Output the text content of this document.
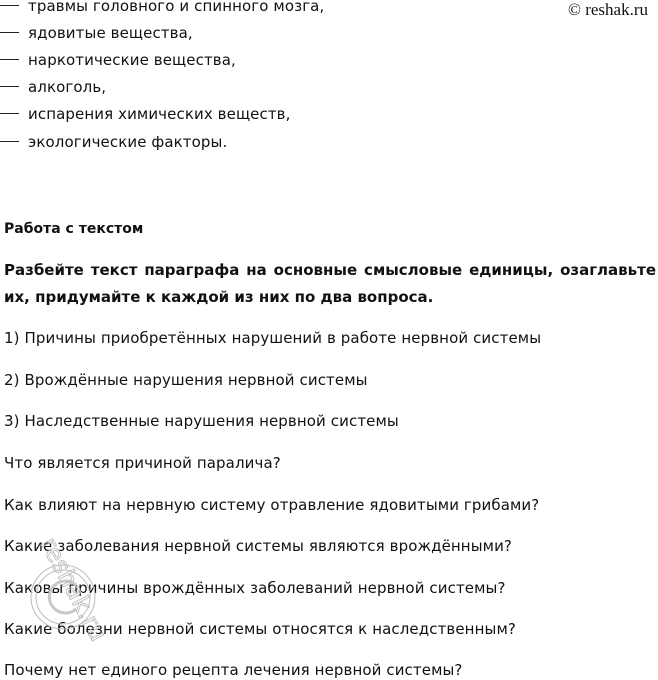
© reshak.ru
травмы головного и спинного мозга,
ядовитые вещества,
наркотические вещества,
алкоголь,
испарения химических веществ,
экологические факторы.
Работа с текстом
Разбейте текст параграфа на основные смысловые единицы, озаглавьте их, придумайте к каждой из них по два вопроса.
1) Причины приобретённых нарушений в работе нервной системы
2) Врождённые нарушения нервной системы
3) Наследственные нарушения нервной системы
Что является причиной паралича?
Как влияют на нервную систему отравление ядовитыми грибами?
Какие заболевания нервной системы являются врождёнными?
Каковы причины врождённых заболеваний нервной системы?
Какие болезни нервной системы относятся к наследственным?
Почему нет единого рецепта лечения нервной системы?
reshak.ru
